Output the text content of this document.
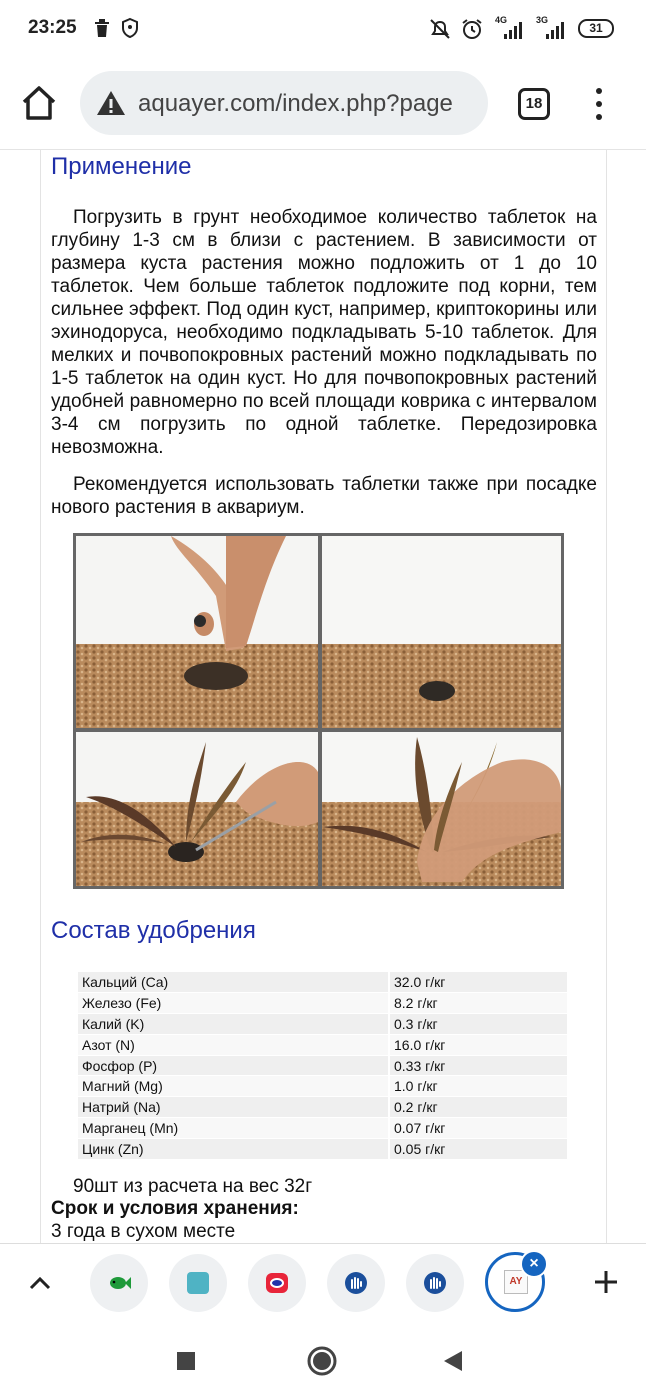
23:25	4G	3G
31
aquayer.com/index.php?page	18
Применение

Погрузить в грунт необходимое количество таблеток на глубину 1-3 см в близи с растением. В зависимости от размера куста растения можно подложить от 1 до 10 таблеток. Чем больше таблеток подложите под корни, тем сильнее эффект. Под один куст, например, криптокорины или эхинодоруса, необходимо подкладывать 5-10 таблеток. Для мелких и почвопокровных растений можно подкладывать по 1-5 таблеток на один куст. Но для почвопокровных растений удобней равномерно по всей площади коврика с интервалом 3-4 см погрузить по одной таблетке. Передозировка невозможна.

Рекомендуется использовать таблетки также при посадке нового растения в аквариум.

Состав удобрения
Кальций (Ca)	32.0 г/кг
Железо (Fe)	8.2 г/кг
Калий (K)	0.3 г/кг
Азот (N)	16.0 г/кг
Фосфор (P)	0.33 г/кг
Магний (Mg)	1.0 г/кг
Натрий (Na)	0.2 г/кг
Марганец (Mn)	0.07 г/кг
Цинк (Zn)	0.05 г/кг
90шт из расчета на вес 32г
Срок и условия хранения:
3 года в сухом месте
AY
×
